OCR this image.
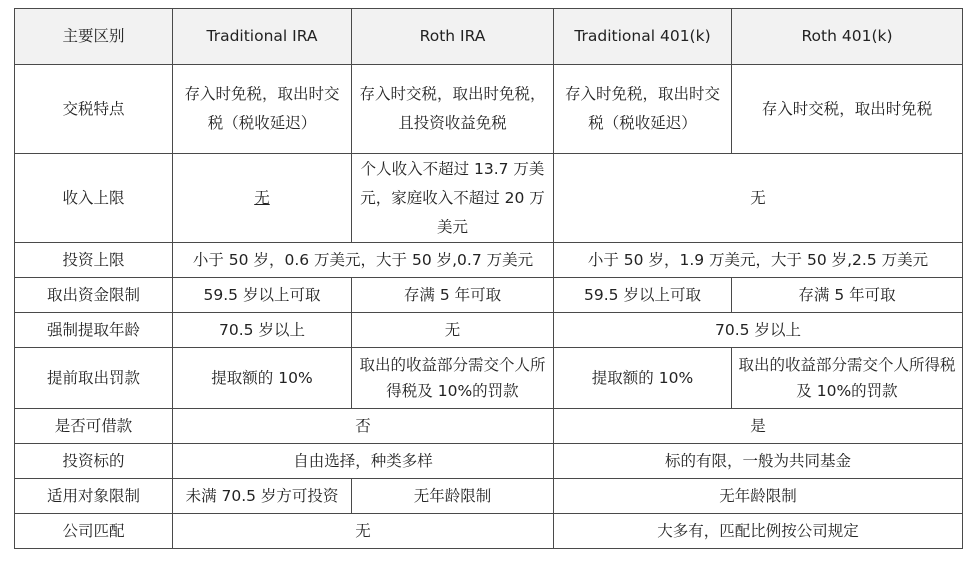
主要区别	Traditional IRA	Roth IRA	Traditional 401(k)	Roth 401(k)
交税特点	存入时免税，取出时交税（税收延迟）	存入时交税，取出时免税，且投资收益免税	存入时免税，取出时交税（税收延迟）	存入时交税，取出时免税
收入上限	无	个人收入不超过 13.7 万美元，家庭收入不超过 20 万美元	无	
投资上限	小于 50 岁，0.6 万美元，大于 50 岁,0.7 万美元		小于 50 岁，1.9 万美元，大于 50 岁,2.5 万美元	
取出资金限制	59.5 岁以上可取	存满 5 年可取	59.5 岁以上可取	存满 5 年可取
强制提取年龄	70.5 岁以上	无	70.5 岁以上	
提前取出罚款	提取额的 10%	取出的收益部分需交个人所得税及 10%的罚款	提取额的 10%	取出的收益部分需交个人所得税及 10%的罚款
是否可借款	否		是	
投资标的	自由选择，种类多样		标的有限，一般为共同基金	
适用对象限制	未满 70.5 岁方可投资	无年龄限制	无年龄限制	
公司匹配	无		大多有，匹配比例按公司规定	
